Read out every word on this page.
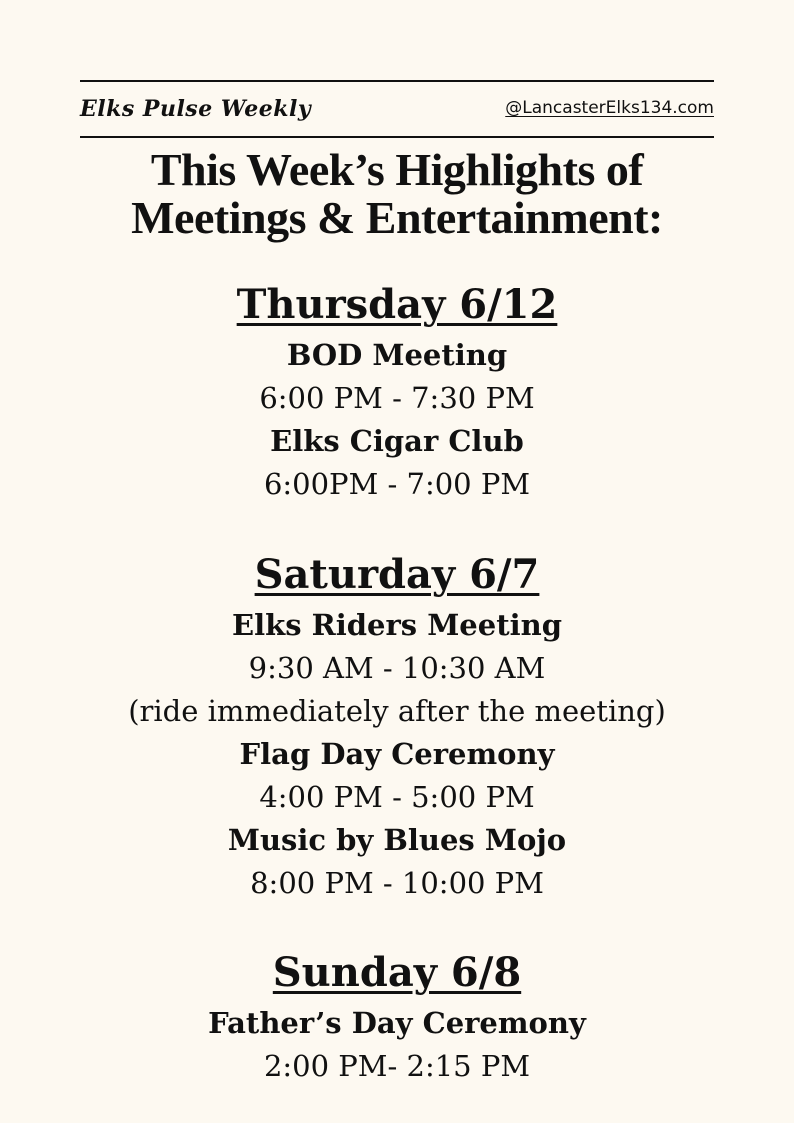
Elks Pulse Weekly	@LancasterElks134.com
This Week’s Highlights of
Meetings & Entertainment:
Thursday 6/12
BOD Meeting
6:00 PM - 7:30 PM
Elks Cigar Club
6:00PM - 7:00 PM
Saturday 6/7
Elks Riders Meeting
9:30 AM - 10:30 AM
(ride immediately after the meeting)
Flag Day Ceremony
4:00 PM - 5:00 PM
Music by Blues Mojo
8:00 PM - 10:00 PM
Sunday 6/8
Father’s Day Ceremony
2:00 PM- 2:15 PM
